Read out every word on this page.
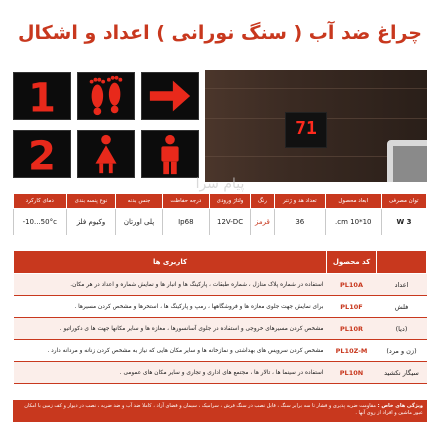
چراغ ضد آب ( سنگ نورانی ) اعداد و اشکال
1
2
71
پیام سرا
توان مصرفی	ابعاد محصول	تعداد هد و ژنتر	رنگ	ولتاژ ورودی	درجه حفاظت	جنس بدنه	نوع پنسه بندی	دمای کارکرد
3 W	10*10 cm.	36	قرمز	12V-DC	Ip68	پلی اورتان	وکیوم فلز	-10...50°c
	کد محصول	کاربری ها
اعداد	PL10A	استفاده در شماره پلاک منازل ، شماره طبقات ، پارکینگ ها و انبار ها و نمایش شماره و اعداد در هر مکان.
فلش	PL10F	برای نمایش جهت جلوی مغازه ها و فروشگاهها ، رمپ و پارکینگ ها ، استخرها و مشخص کردن مسیرها .
(دیا)	PL10R	مشخص کردن مسیرهای خروجی و استفاده در جلوی آسانسورها ، مغازه ها و سایر مکانها جهت ها ی دکوراتیو .
(زن و مرد)	PL10Z-M	مشخص کردن سرویس های بهداشتی و نمازخانه ها و سایر مکان هایی که نیاز به مشخص کردن زنانه و مردانه دارد .
سیگار نکشید	PL10N	استفاده در سینما ها ، تالار ها ، مجتمع های اداری و تجاری و سایر مکان های عمومی .
ویژگی های خاص : مقاومت ضربه پذیری و فشار تا سه برابر سنگ ، قابل نصب در سنگ فرش ، سرامیک ، سیمان و فضای آزاد ، کاملا ضد آب و ضد ضربه ، نصب در دیوار و کف زمین با امکان عبور ماشین و افراد از روی آنها .
